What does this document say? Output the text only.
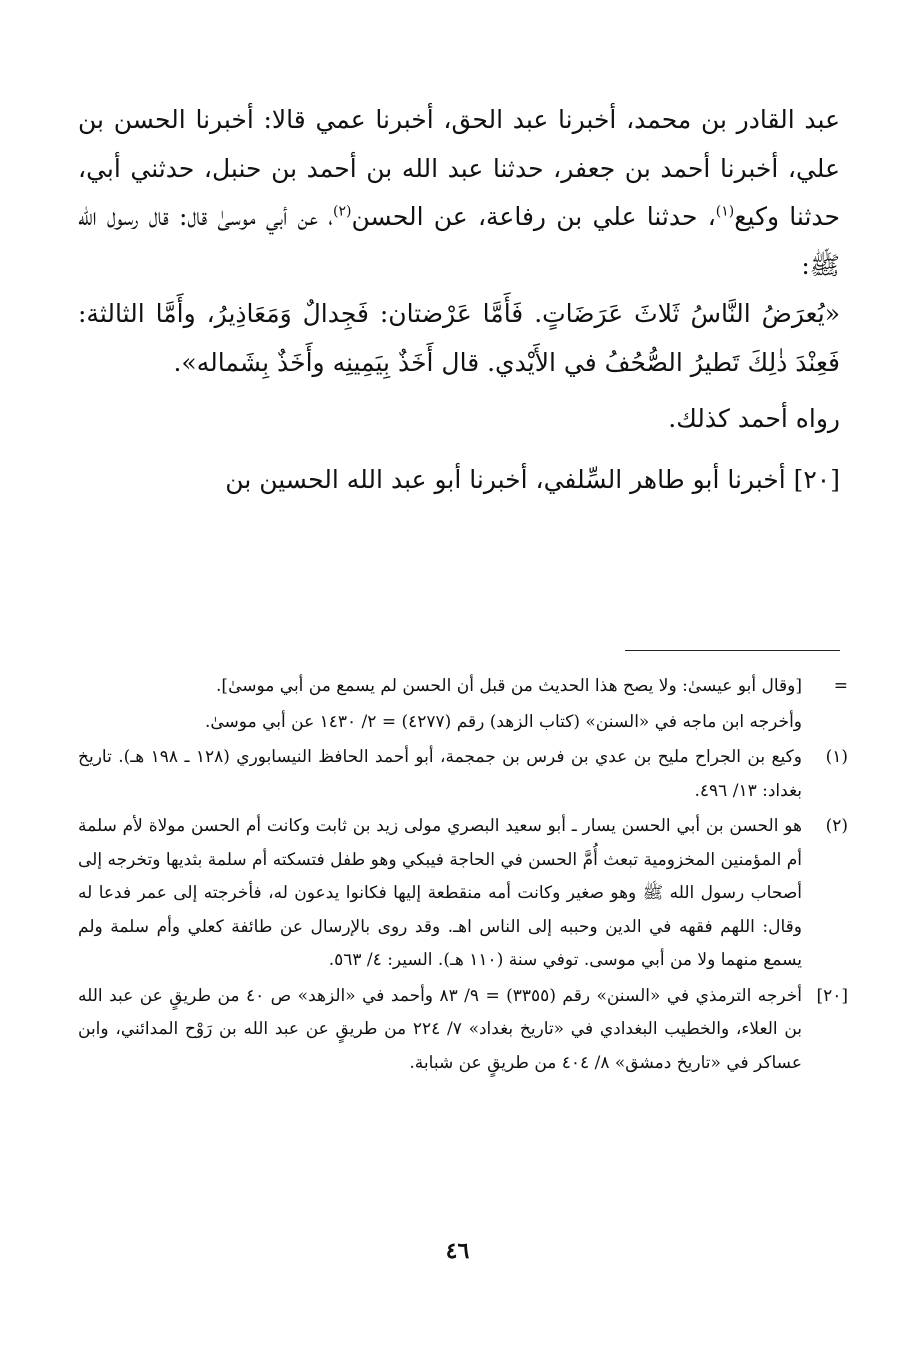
عبد القادر بن محمد، أخبرنا عبد الحق، أخبرنا عمي قالا: أخبرنا الحسن بن علي، أخبرنا أحمد بن جعفر، حدثنا عبد الله بن أحمد بن حنبل، حدثني أبي، حدثنا وكيع$^{(١)}$، حدثنا علي بن رفاعة، عن الحسن$^{(٢)}$، عن أبي موسىٰ قال: قال رسول الله ﷺ:

«يُعرَضُ النَّاسُ ثَلاثَ عَرَضَاتٍ. فَأَمَّا عَرْضتان: فَجِدالٌ وَمَعَاذِيرُ، وأَمَّا الثالثة: فَعِنْدَ ذٰلِكَ تَطيرُ الصُّحُفُ في الأَيْدي. قال أَخَذٌ بِيَمِينِه وأَخَذٌ بِشَماله».

رواه أحمد كذلك.

[٢٠] أخبرنا أبو طاهر السِّلفي، أخبرنا أبو عبد الله الحسين بن

=

[وقال أبو عيسىٰ: ولا يصح هذا الحديث من قبل أن الحسن لم يسمع من أبي موسىٰ].

وأخرجه ابن ماجه في «السنن» (كتاب الزهد) رقم (٤٢٧٧) = ٢/ ١٤٣٠ عن أبي موسىٰ.

(١)

وكيع بن الجراح مليح بن عدي بن فرس بن جمجمة، أبو أحمد الحافظ النيسابوري (١٢٨ ـ ١٩٨ هـ). تاريخ بغداد: ١٣/ ٤٩٦.

(٢)

هو الحسن بن أبي الحسن يسار ـ أبو سعيد البصري مولى زيد بن ثابت وكانت أم الحسن مولاة لأم سلمة أم المؤمنين المخزومية تبعث أُمَّ الحسن في الحاجة فيبكي وهو طفل فتسكته أم سلمة بثديها وتخرجه إلى أصحاب رسول الله ﷺ وهو صغير وكانت أمه منقطعة إليها فكانوا يدعون له، فأخرجته إلى عمر فدعا له وقال: اللهم فقهه في الدين وحببه إلى الناس اهـ. وقد روى بالإرسال عن طائفة كعلي وأم سلمة ولم يسمع منهما ولا من أبي موسى. توفي سنة (١١٠ هـ). السير: ٤/ ٥٦٣.

[٢٠]

أخرجه الترمذي في «السنن» رقم (٣٣٥٥) = ٩/ ٨٣ وأحمد في «الزهد» ص ٤٠ من طريقٍ عن عبد الله بن العلاء، والخطيب البغدادي في «تاريخ بغداد» ٧/ ٢٢٤ من طريقٍ عن عبد الله بن رَوْح المدائني، وابن عساكر في «تاريخ دمشق» ٨/ ٤٠٤ من طريقٍ عن شبابة.

٤٦
